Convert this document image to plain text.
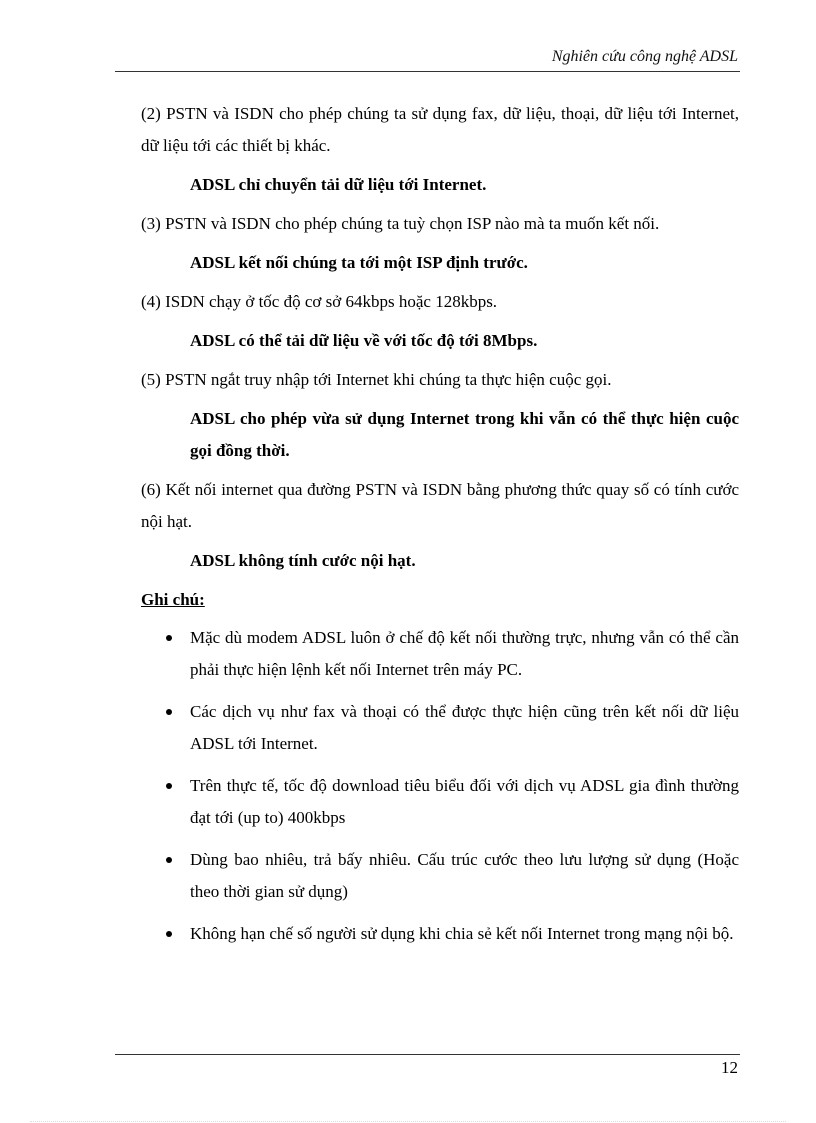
Nghiên cứu công nghệ ADSL

(2) PSTN và ISDN cho phép chúng ta sử dụng fax, dữ liệu, thoại, dữ liệu tới Internet, dữ liệu tới các thiết bị khác.

ADSL chỉ chuyển tải dữ liệu tới Internet.

(3) PSTN và ISDN cho phép chúng ta tuỳ chọn ISP nào mà ta muốn kết nối.

ADSL kết nối chúng ta tới một ISP định trước.

(4) ISDN chạy ở tốc độ cơ sở 64kbps hoặc 128kbps.

ADSL có thể tải dữ liệu về với tốc độ tới 8Mbps.

(5) PSTN ngắt truy nhập tới Internet khi chúng ta thực hiện cuộc gọi.

ADSL cho phép vừa sử dụng Internet trong khi vẫn có thể thực hiện cuộc gọi đồng thời.

(6) Kết nối internet qua đường PSTN và ISDN bằng phương thức quay số có tính cước nội hạt.

ADSL không tính cước nội hạt.

Ghi chú:

Mặc dù modem ADSL luôn ở chế độ kết nối thường trực, nhưng vẫn có thể cần phải thực hiện lệnh kết nối Internet trên máy PC.
Các dịch vụ như fax và thoại có thể được thực hiện cũng trên kết nối dữ liệu ADSL tới Internet.
Trên thực tế, tốc độ download tiêu biểu đối với dịch vụ ADSL gia đình thường đạt tới (up to) 400kbps
Dùng bao nhiêu, trả bấy nhiêu. Cấu trúc cước theo lưu lượng sử dụng (Hoặc theo thời gian sử dụng)
Không hạn chế số người sử dụng khi chia sẻ kết nối Internet trong mạng nội bộ.
12
